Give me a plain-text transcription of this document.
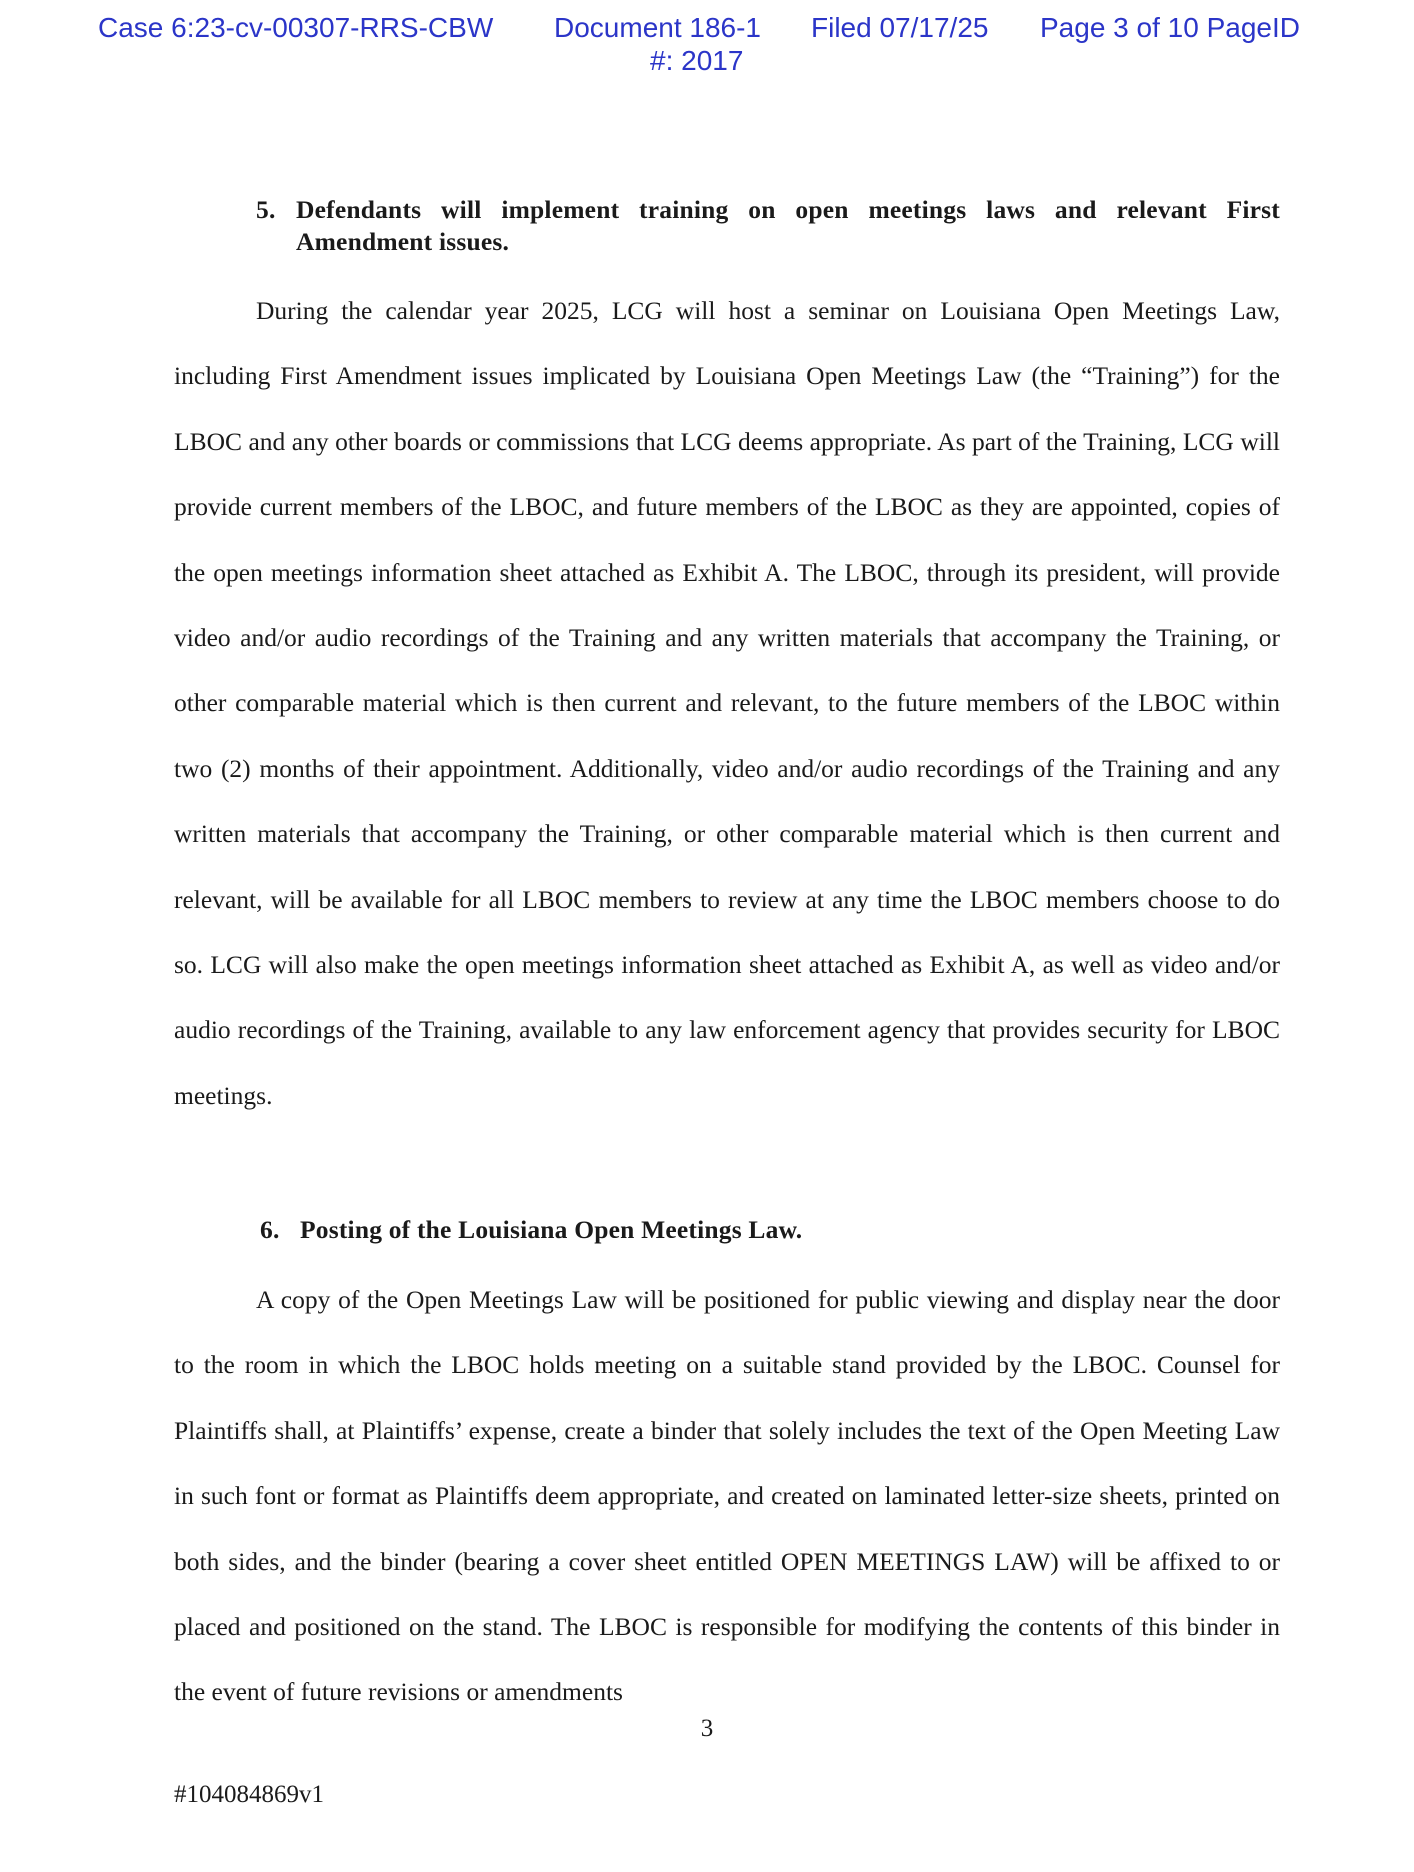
Case 6:23-cv-00307-RRS-CBW Document 186-1 Filed 07/17/25 Page 3 of 10 PageID
#: 2017
5. Defendants will implement training on open meetings laws and relevant First Amendment issues.

During the calendar year 2025, LCG will host a seminar on Louisiana Open Meetings Law, including First Amendment issues implicated by Louisiana Open Meetings Law (the “Training”) for the LBOC and any other boards or commissions that LCG deems appropriate. As part of the Training, LCG will provide current members of the LBOC, and future members of the LBOC as they are appointed, copies of the open meetings information sheet attached as Exhibit A. The LBOC, through its president, will provide video and/or audio recordings of the Training and any written materials that accompany the Training, or other comparable material which is then current and relevant, to the future members of the LBOC within two (2) months of their appointment. Additionally, video and/or audio recordings of the Training and any written materials that accompany the Training, or other comparable material which is then current and relevant, will be available for all LBOC members to review at any time the LBOC members choose to do so. LCG will also make the open meetings information sheet attached as Exhibit A, as well as video and/or audio recordings of the Training, available to any law enforcement agency that provides security for LBOC meetings.

6. Posting of the Louisiana Open Meetings Law.

A copy of the Open Meetings Law will be positioned for public viewing and display near the door to the room in which the LBOC holds meeting on a suitable stand provided by the LBOC. Counsel for Plaintiffs shall, at Plaintiffs’ expense, create a binder that solely includes the text of the Open Meeting Law in such font or format as Plaintiffs deem appropriate, and created on laminated letter-size sheets, printed on both sides, and the binder (bearing a cover sheet entitled OPEN MEETINGS LAW) will be affixed to or placed and positioned on the stand. The LBOC is responsible for modifying the contents of this binder in the event of future revisions or amendments

3
#104084869v1
